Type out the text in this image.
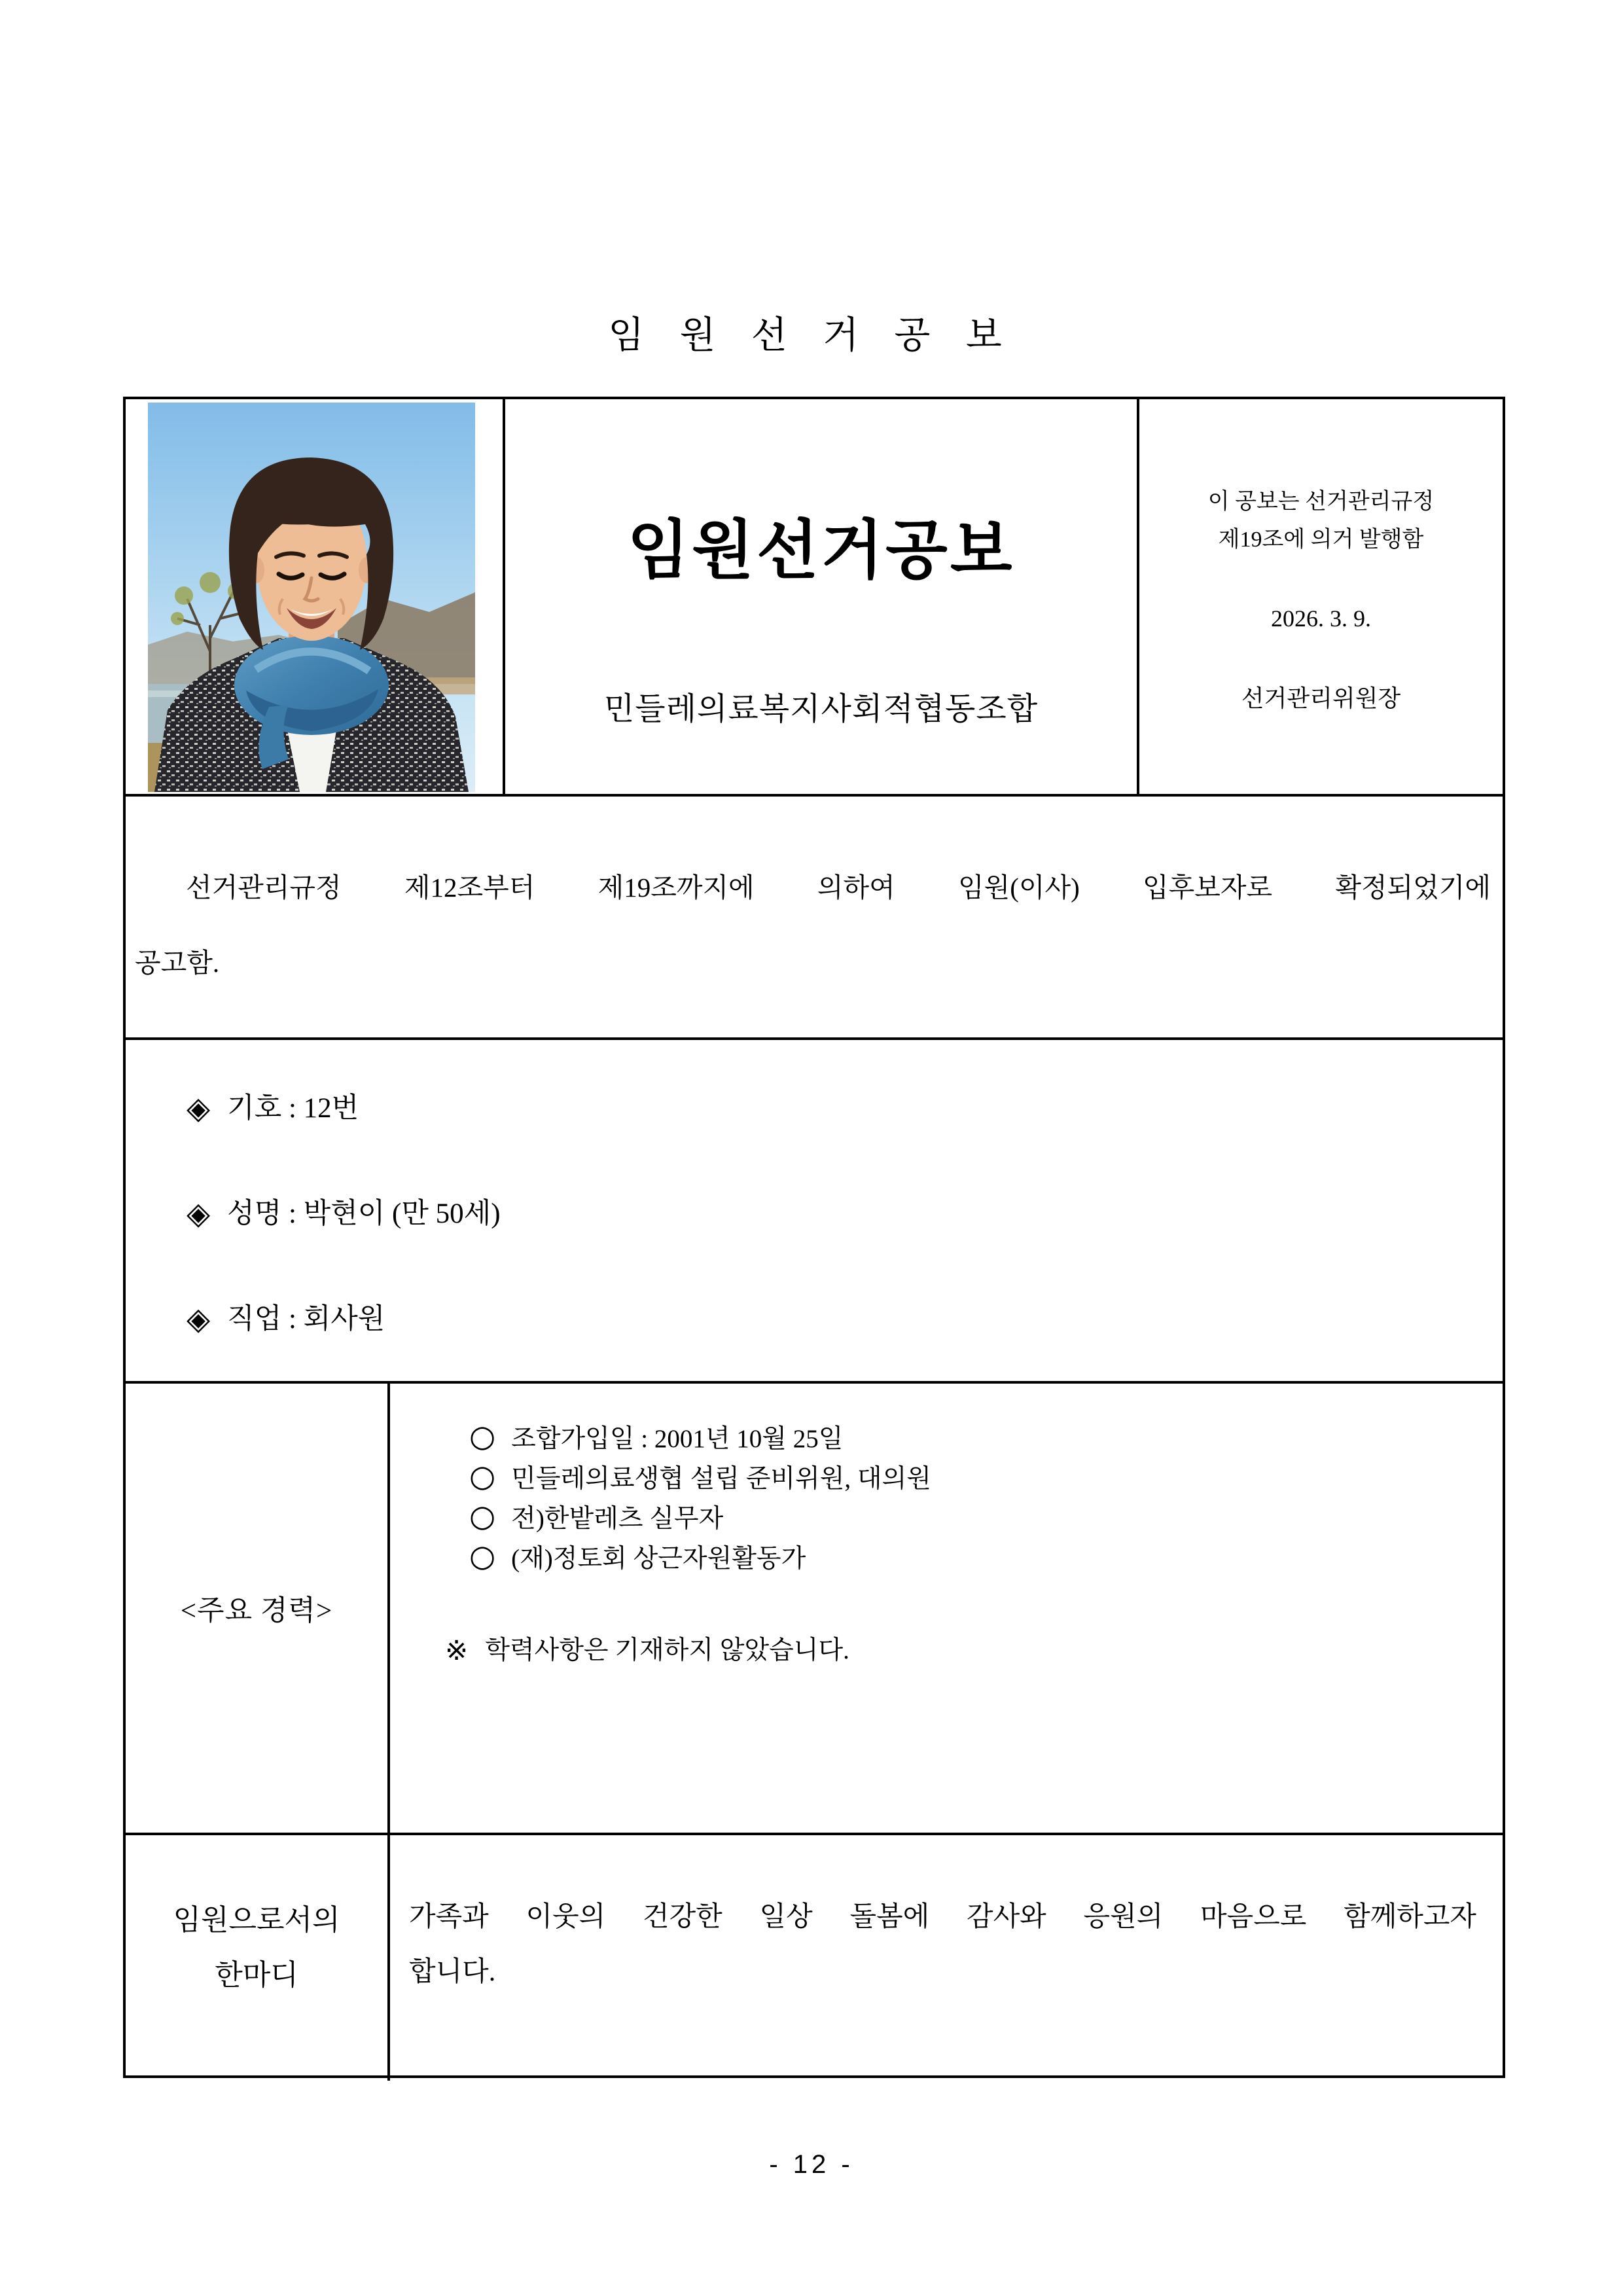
임 원 선 거 공 보
임원선거공보
민들레의료복지사회적협동조합
이 공보는 선거관리규정
제19조에 의거 발행함
2026. 3. 9.
선거관리위원장
선거관리규정 제12조부터 제19조까지에 의하여 임원(이사) 입후보자로 확정되었기에
공고함.
◈ 기호 : 12번
◈ 성명 : 박현이 (만 50세)
◈ 직업 : 회사원
<주요 경력>
○ 조합가입일 : 2001년 10월 25일
○ 민들레의료생협 설립 준비위원, 대의원
○ 전)한밭레츠 실무자
○ (재)정토회 상근자원활동가
※ 학력사항은 기재하지 않았습니다.
임원으로서의
한마디
가족과 이웃의 건강한 일상 돌봄에 감사와 응원의 마음으로 함께하고자
합니다.
- 12 -
